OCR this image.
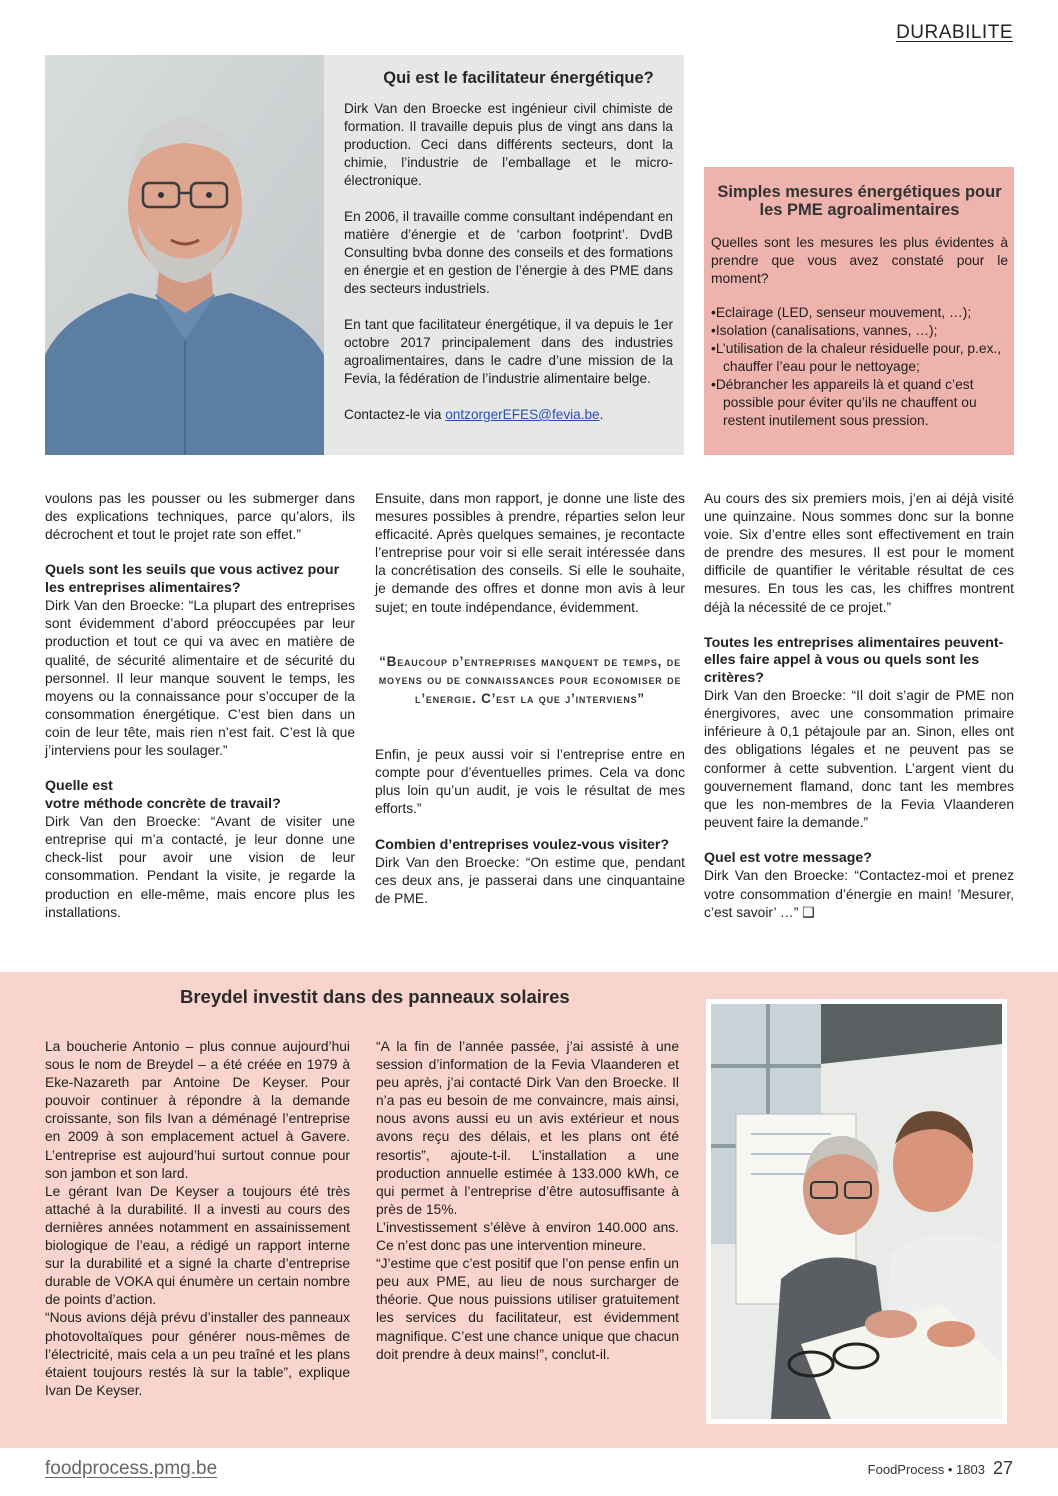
DURABILITE
Qui est le facilitateur énergétique?

Dirk Van den Broecke est ingénieur civil chimiste de formation. Il travaille depuis plus de vingt ans dans la production. Ceci dans différents secteurs, dont la chimie, l’industrie de l’emballage et le micro-électronique.

En 2006, il travaille comme consultant indépendant en matière d’énergie et de ‘carbon footprint’. DvdB Consulting bvba donne des conseils et des formations en énergie et en gestion de l’énergie à des PME dans des secteurs industriels.

En tant que facilitateur énergétique, il va depuis le 1er octobre 2017 principalement dans des industries agroalimentaires, dans le cadre d’une mission de la Fevia, la fédération de l’industrie alimentaire belge.

Contactez-le via ontzorgerEFES@fevia.be.

Simples mesures énergétiques pour les PME agroalimentaires

Quelles sont les mesures les plus évidentes à prendre que vous avez constaté pour le moment?

•Eclairage (LED, senseur mouvement, …);
•Isolation (canalisations, vannes, …);
•L’utilisation de la chaleur résiduelle pour, p.ex., chauffer l’eau pour le nettoyage;
•Débrancher les appareils là et quand c’est possible pour éviter qu’ils ne chauffent ou restent inutilement sous pression.

voulons pas les pousser ou les submerger dans des explications techniques, parce qu’alors, ils décrochent et tout le projet rate son effet.”

Quels sont les seuils que vous activez pour les entreprises alimentaires?

Dirk Van den Broecke: “La plupart des entreprises sont évidemment d’abord préoccupées par leur production et tout ce qui va avec en matière de qualité, de sécurité alimentaire et de sécurité du personnel. Il leur manque souvent le temps, les moyens ou la connaissance pour s’occuper de la consommation énergétique. C’est bien dans un coin de leur tête, mais rien n’est fait. C’est là que j’interviens pour les soulager.”

Quelle est
votre méthode concrète de travail?

Dirk Van den Broecke: “Avant de visiter une entreprise qui m’a contacté, je leur donne une check-list pour avoir une vision de leur consommation. Pendant la visite, je regarde la production en elle-même, mais encore plus les installations.

Ensuite, dans mon rapport, je donne une liste des mesures possibles à prendre, réparties selon leur efficacité. Après quelques semaines, je recontacte l’entreprise pour voir si elle serait intéressée dans la concrétisation des conseils. Si elle le souhaite, je demande des offres et donne mon avis à leur sujet; en toute indépendance, évidemment.

“Beaucoup d’entreprises manquent de temps, de moyens ou de connaissances pour economiser de l’energie. C’est la que j’interviens”

Enfin, je peux aussi voir si l’entreprise entre en compte pour d’éventuelles primes. Cela va donc plus loin qu’un audit, je vois le résultat de mes efforts.”

Combien d’entreprises voulez-vous visiter?

Dirk Van den Broecke: “On estime que, pendant ces deux ans, je passerai dans une cinquantaine de PME.

Au cours des six premiers mois, j’en ai déjà visité une quinzaine. Nous sommes donc sur la bonne voie. Six d’entre elles sont effectivement en train de prendre des mesures. Il est pour le moment difficile de quantifier le véritable résultat de ces mesures. En tous les cas, les chiffres montrent déjà la nécessité de ce projet.”

Toutes les entreprises alimentaires peuvent-elles faire appel à vous ou quels sont les critères?

Dirk Van den Broecke: “Il doit s’agir de PME non énergivores, avec une consommation primaire inférieure à 0,1 pétajoule par an. Sinon, elles ont des obligations légales et ne peuvent pas se conformer à cette subvention. L’argent vient du gouvernement flamand, donc tant les membres que les non-membres de la Fevia Vlaanderen peuvent faire la demande.”

Quel est votre message?

Dirk Van den Broecke: “Contactez-moi et prenez votre consommation d’énergie en main! ’Mesurer, c’est savoir’ …” ❑

Breydel investit dans des panneaux solaires

La boucherie Antonio – plus connue aujourd’hui sous le nom de Breydel – a été créée en 1979 à Eke-Nazareth par Antoine De Keyser. Pour pouvoir continuer à répondre à la demande croissante, son fils Ivan a déménagé l’entreprise en 2009 à son emplacement actuel à Gavere. L’entreprise est aujourd’hui surtout connue pour son jambon et son lard.

Le gérant Ivan De Keyser a toujours été très attaché à la durabilité. Il a investi au cours des dernières années notamment en assainissement biologique de l’eau, a rédigé un rapport interne sur la durabilité et a signé la charte d’entreprise durable de VOKA qui énumère un certain nombre de points d’action.

“Nous avions déjà prévu d’installer des panneaux photovoltaïques pour générer nous-mêmes de l’électricité, mais cela a un peu traîné et les plans étaient toujours restés là sur la table”, explique Ivan De Keyser.

“A la fin de l’année passée, j’ai assisté à une session d’information de la Fevia Vlaanderen et peu après, j’ai contacté Dirk Van den Broecke. Il n’a pas eu besoin de me convaincre, mais ainsi, nous avons aussi eu un avis extérieur et nous avons reçu des délais, et les plans ont été resortis”, ajoute-t-il. L’installation a une production annuelle estimée à 133.000 kWh, ce qui permet à l’entreprise d’être autosuffisante à près de 15%.

L’investissement s’élève à environ 140.000 ans. Ce n’est donc pas une intervention mineure.

“J’estime que c’est positif que l’on pense enfin un peu aux PME, au lieu de nous surcharger de théorie. Que nous puissions utiliser gratuitement les services du facilitateur, est évidemment magnifique. C’est une chance unique que chacun doit prendre à deux mains!”, conclut-il.

foodprocess.pmg.be	FoodProcess • 1803 27
